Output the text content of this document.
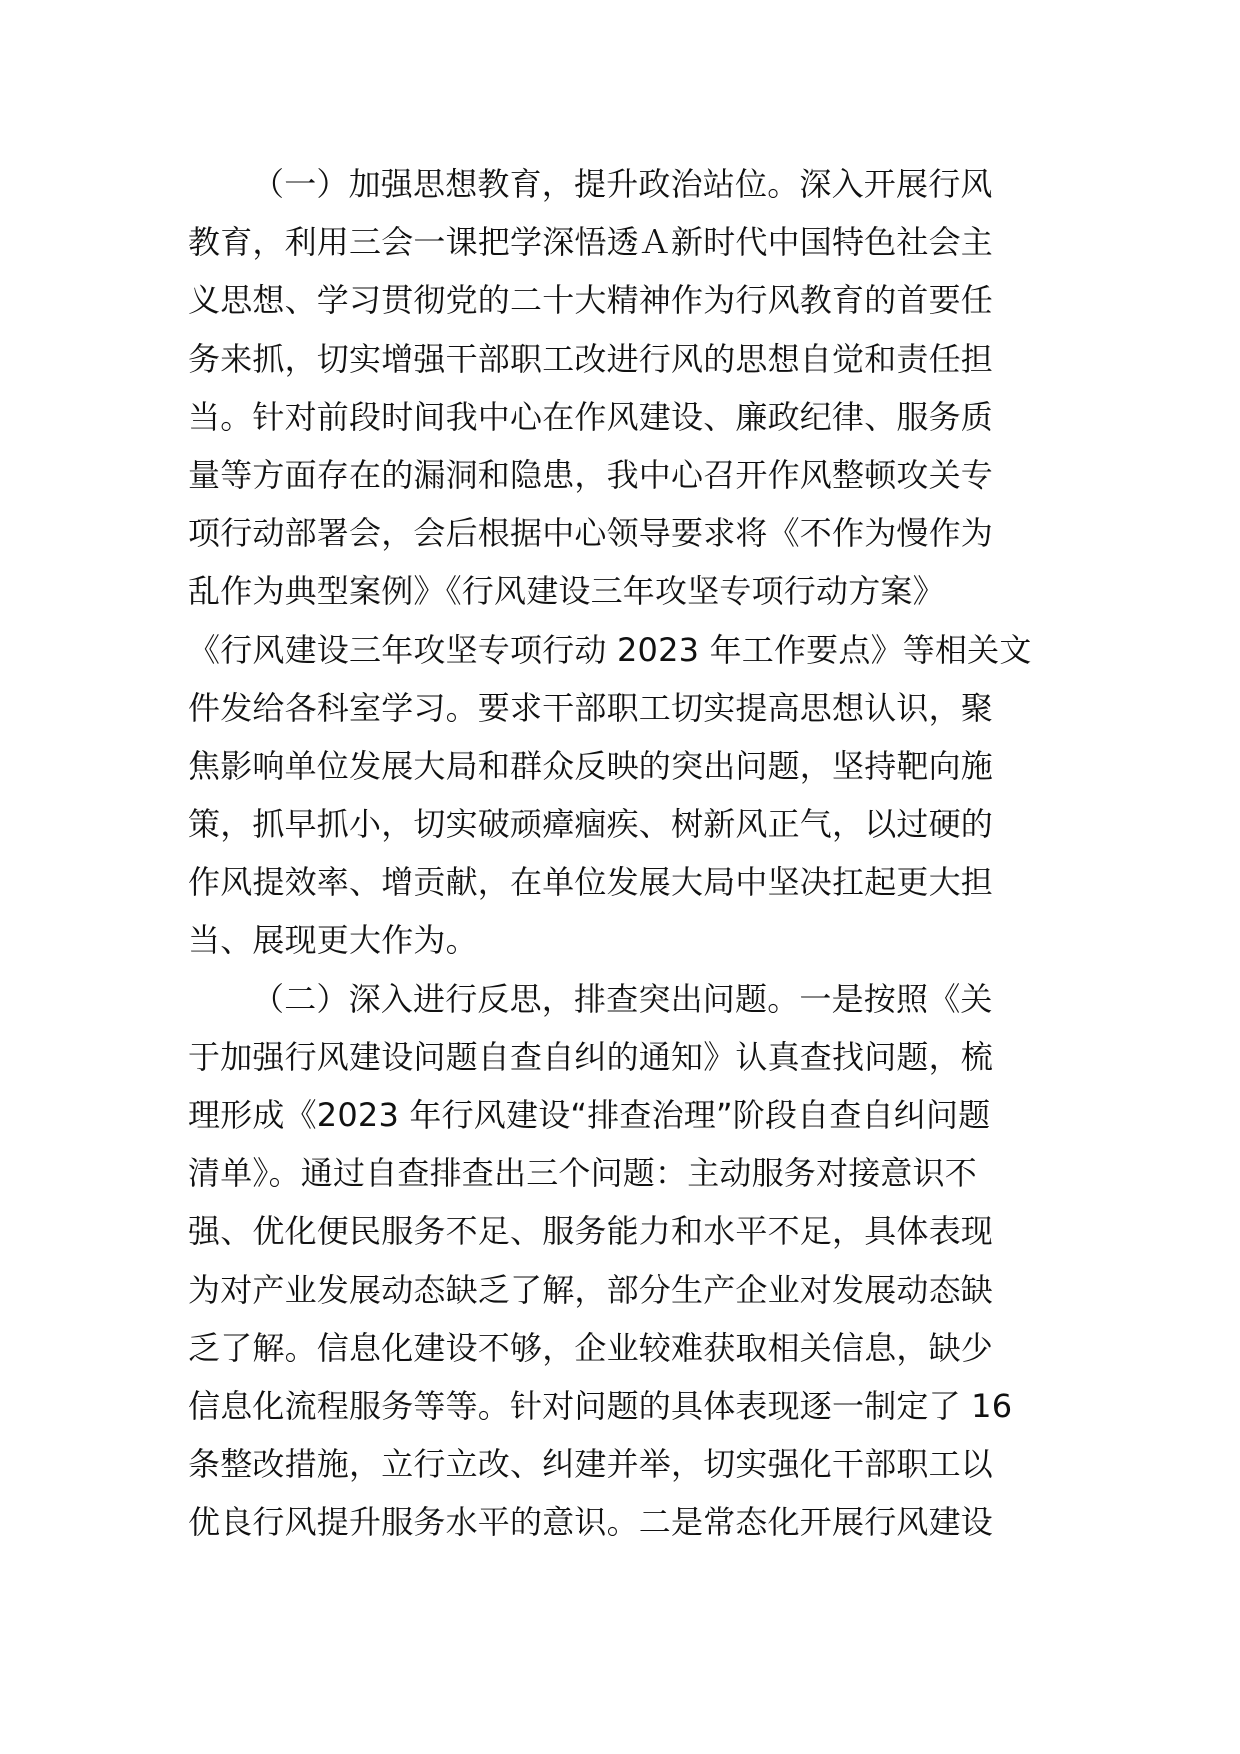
（一）加强思想教育，提升政治站位。深入开展行风
教育，利用三会一课把学深悟透Ａ新时代中国特色社会主
义思想、学习贯彻党的二十大精神作为行风教育的首要任
务来抓，切实增强干部职工改进行风的思想自觉和责任担
当。针对前段时间我中心在作风建设、廉政纪律、服务质
量等方面存在的漏洞和隐患，我中心召开作风整顿攻关专
项行动部署会，会后根据中心领导要求将《不作为慢作为
乱作为典型案例》《行风建设三年攻坚专项行动方案》
《行风建设三年攻坚专项行动 2023 年工作要点》等相关文
件发给各科室学习。要求干部职工切实提高思想认识，聚
焦影响单位发展大局和群众反映的突出问题，坚持靶向施
策，抓早抓小，切实破顽瘴痼疾、树新风正气，以过硬的
作风提效率、增贡献，在单位发展大局中坚决扛起更大担
当、展现更大作为。
（二）深入进行反思，排查突出问题。一是按照《关
于加强行风建设问题自查自纠的通知》认真查找问题，梳
理形成《2023 年行风建设“排查治理”阶段自查自纠问题
清单》。通过自查排查出三个问题：主动服务对接意识不
强、优化便民服务不足、服务能力和水平不足，具体表现
为对产业发展动态缺乏了解，部分生产企业对发展动态缺
乏了解。信息化建设不够，企业较难获取相关信息，缺少
信息化流程服务等等。针对问题的具体表现逐一制定了 16
条整改措施，立行立改、纠建并举，切实强化干部职工以
优良行风提升服务水平的意识。二是常态化开展行风建设
